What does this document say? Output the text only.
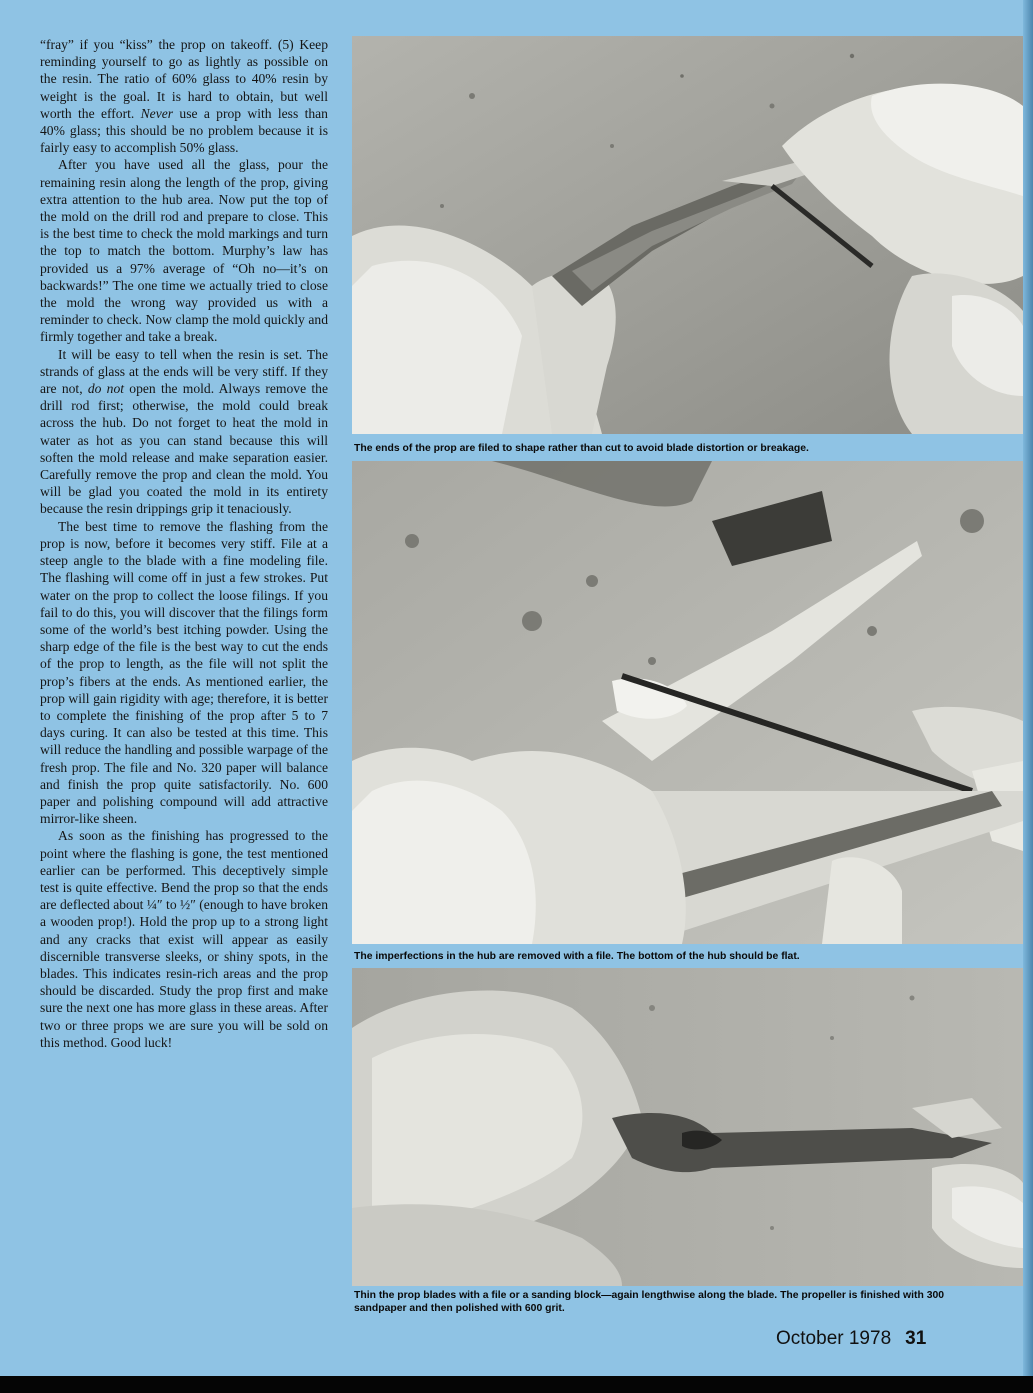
“fray” if you “kiss” the prop on takeoff. (5) Keep reminding yourself to go as lightly as possible on the resin. The ratio of 60% glass to 40% resin by weight is the goal. It is hard to obtain, but well worth the effort. Never use a prop with less than 40% glass; this should be no problem because it is fairly easy to accomplish 50% glass.

After you have used all the glass, pour the remaining resin along the length of the prop, giving extra attention to the hub area. Now put the top of the mold on the drill rod and prepare to close. This is the best time to check the mold markings and turn the top to match the bottom. Murphy’s law has provided us a 97% average of “Oh no—it’s on backwards!” The one time we actually tried to close the mold the wrong way provided us with a reminder to check. Now clamp the mold quickly and firmly together and take a break.

It will be easy to tell when the resin is set. The strands of glass at the ends will be very stiff. If they are not, do not open the mold. Always remove the drill rod first; otherwise, the mold could break across the hub. Do not forget to heat the mold in water as hot as you can stand because this will soften the mold release and make separation easier. Carefully remove the prop and clean the mold. You will be glad you coated the mold in its entirety because the resin drippings grip it tenaciously.

The best time to remove the flashing from the prop is now, before it becomes very stiff. File at a steep angle to the blade with a fine modeling file. The flashing will come off in just a few strokes. Put water on the prop to collect the loose filings. If you fail to do this, you will discover that the filings form some of the world’s best itching powder. Using the sharp edge of the file is the best way to cut the ends of the prop to length, as the file will not split the prop’s fibers at the ends. As mentioned earlier, the prop will gain rigidity with age; therefore, it is better to complete the finishing of the prop after 5 to 7 days curing. It can also be tested at this time. This will reduce the handling and possible warpage of the fresh prop. The file and No. 320 paper will balance and finish the prop quite satisfactorily. No. 600 paper and polishing compound will add attractive mirror-like sheen.

As soon as the finishing has progressed to the point where the flashing is gone, the test mentioned earlier can be performed. This deceptively simple test is quite effective. Bend the prop so that the ends are deflected about ¼″ to ½″ (enough to have broken a wooden prop!). Hold the prop up to a strong light and any cracks that exist will appear as easily discernible transverse sleeks, or shiny spots, in the blades. This indicates resin-rich areas and the prop should be discarded. Study the prop first and make sure the next one has more glass in these areas. After two or three props we are sure you will be sold on this method. Good luck!

The ends of the prop are filed to shape rather than cut to avoid blade distortion or breakage.
The imperfections in the hub are removed with a file. The bottom of the hub should be flat.
Thin the prop blades with a file or a sanding block—again lengthwise along the blade. The propeller is finished with 300 sandpaper and then polished with 600 grit.
October 1978 31
